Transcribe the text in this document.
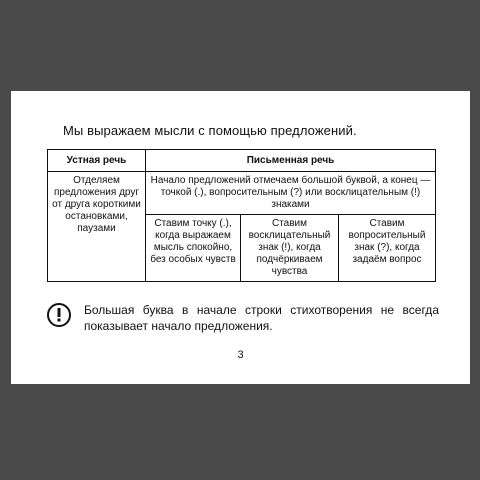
Мы выражаем мысли с помощью предложений.

Устная речь	Письменная речь		
Отделяем предложения друг от друга короткими остановками, паузами	Начало предложений отмечаем большой буквой, а конец — точкой (.), вопросительным (?) или восклицательным (!) знаками		
	Ставим точку (.), когда выражаем мысль спокойно, без особых чувств	Ставим восклицательный знак (!), когда подчёркиваем чувства	Ставим вопросительный знак (?), когда задаём вопрос

Большая буква в начале строки стихотворения не всегда показывает начало предложения.

3
